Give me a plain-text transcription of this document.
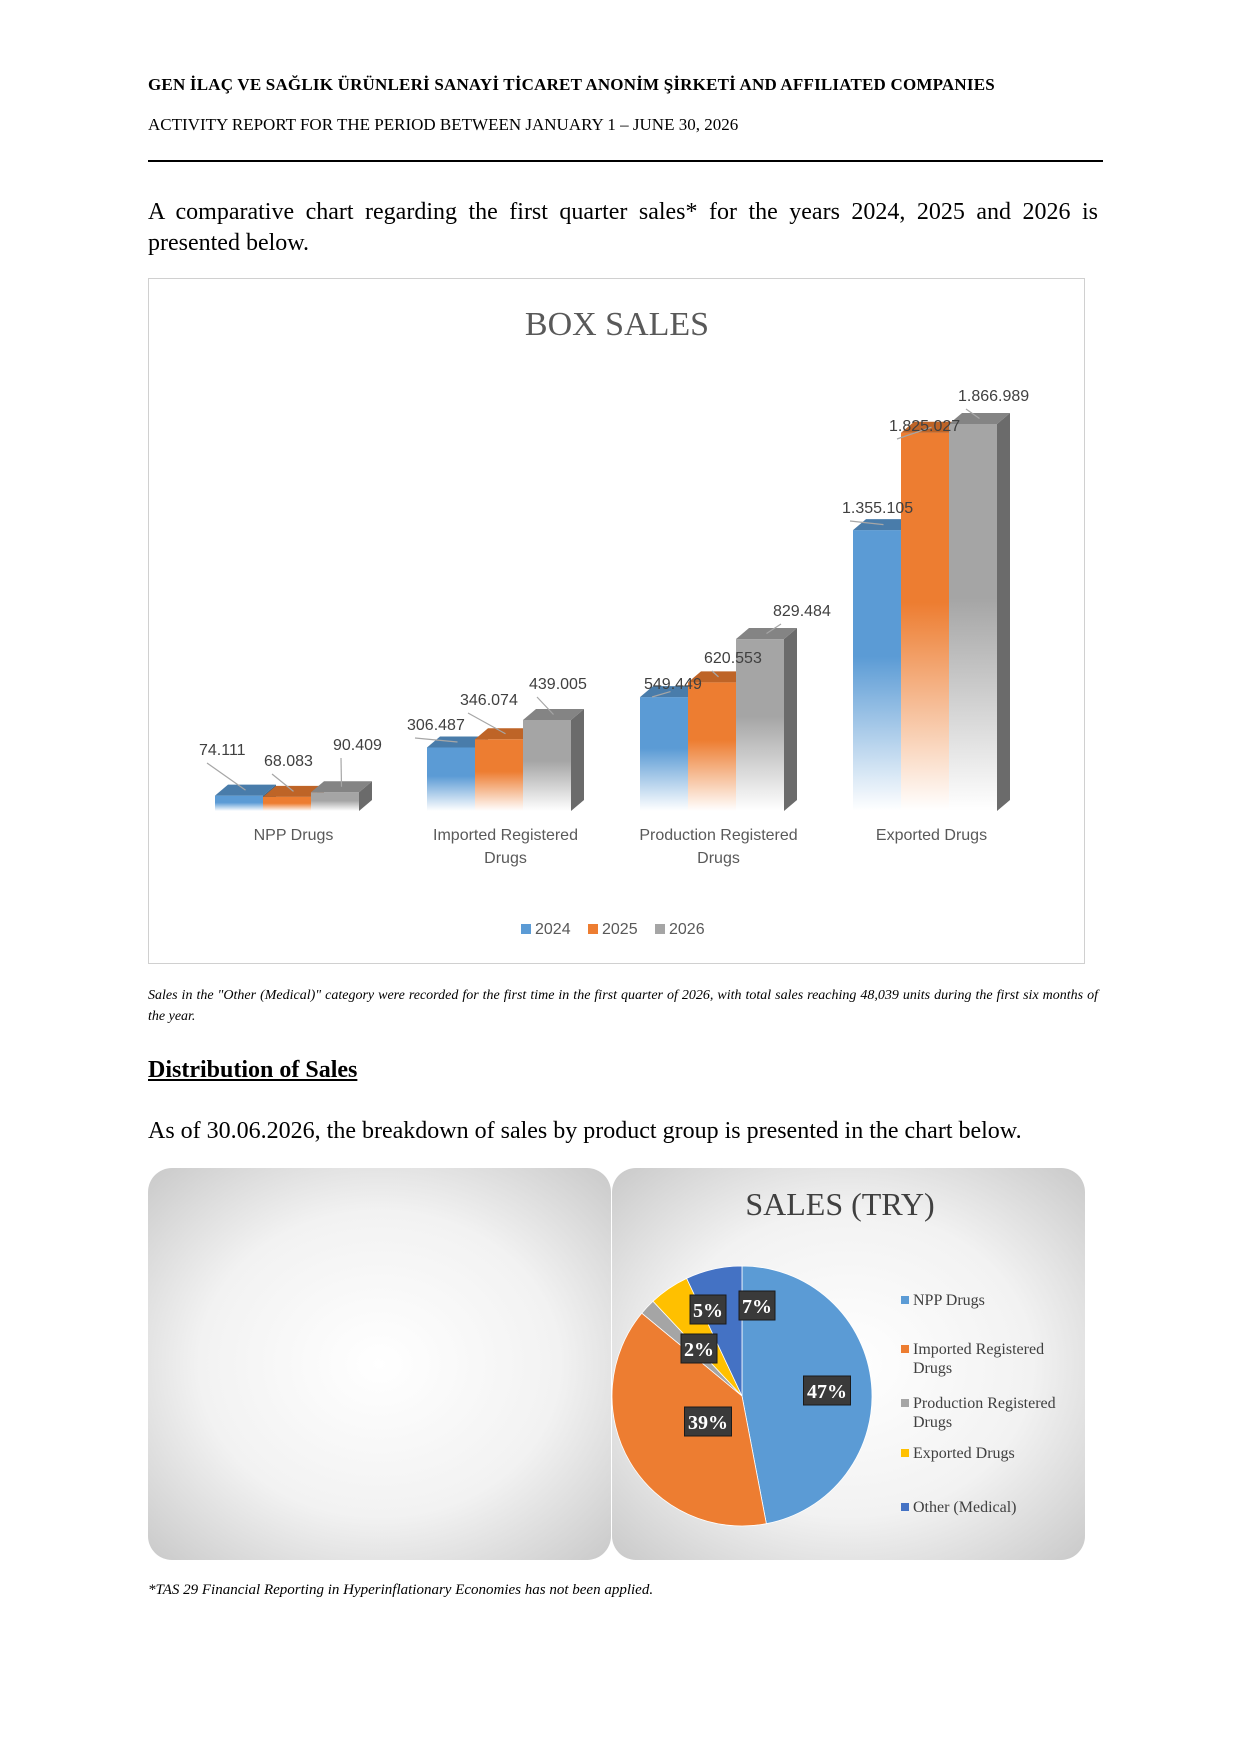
GEN İLAÇ VE SAĞLIK ÜRÜNLERİ SANAYİ TİCARET ANONİM ŞİRKETİ AND AFFILIATED COMPANIES
ACTIVITY REPORT FOR THE PERIOD BETWEEN JANUARY 1 – JUNE 30, 2026
A comparative chart regarding the first quarter sales* for the years 2024, 2025 and 2026 is presented below.
BOX SALES
74.111
68.083
90.409
306.487
346.074
439.005	549.449
620.553
829.484
1.355.105
1.825.027
1.866.989
NPP Drugs	Imported Registered Drugs
Production Registered Drugs
Exported Drugs
2024 2025 2026
Sales in the "Other (Medical)" category were recorded for the first time in the first quarter of 2026, with total sales reaching 48,039 units during the first six months of the year.
Distribution of Sales
As of 30.06.2026, the breakdown of sales by product group is presented in the chart below.
SALES (TRY)
47%
39%
2%
5% 7%	NPP Drugs
Imported Registered Drugs
Production Registered Drugs
Exported Drugs
Other (Medical)
*TAS 29 Financial Reporting in Hyperinflationary Economies has not been applied.
